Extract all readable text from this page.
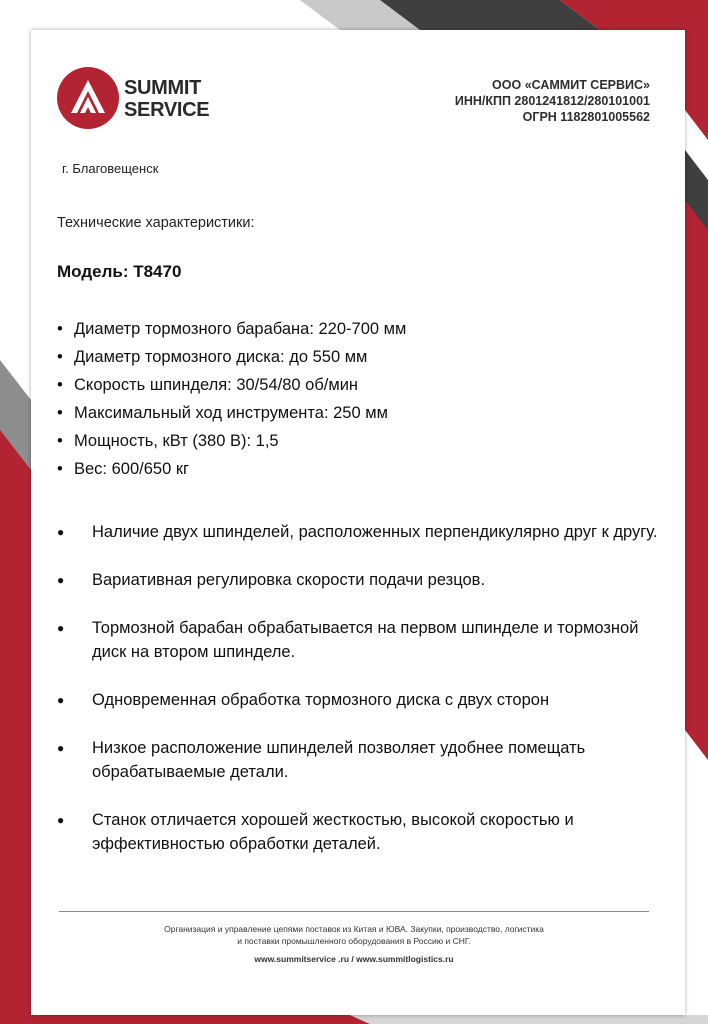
SUMMIT
SERVICE
ООО «САММИТ СЕРВИС»
ИНН/КПП 2801241812/280101001
ОГРН 1182801005562
г. Благовещенск
Технические характеристики:
Модель: T8470
• Диаметр тормозного барабана: 220-700 мм
• Диаметр тормозного диска: до 550 мм
• Скорость шпинделя: 30/54/80 об/мин
• Максимальный ход инструмента: 250 мм
• Мощность, кВт (380 В): 1,5
• Вес: 600/650 кг
● Наличие двух шпинделей, расположенных перпендикулярно друг к другу.
● Вариативная регулировка скорости подачи резцов.
● Тормозной барабан обрабатывается на первом шпинделе и тормозной диск на втором шпинделе.
● Одновременная обработка тормозного диска с двух сторон
● Низкое расположение шпинделей позволяет удобнее помещать обрабатываемые детали.
● Станок отличается хорошей жесткостью, высокой скоростью и эффективностью обработки деталей.
Организация и управление цепями поставок из Китая и ЮВА. Закупки, производство, логистика
и поставки промышленного оборудования в Россию и СНГ.
www.summitservice .ru / www.summitlogistics.ru
